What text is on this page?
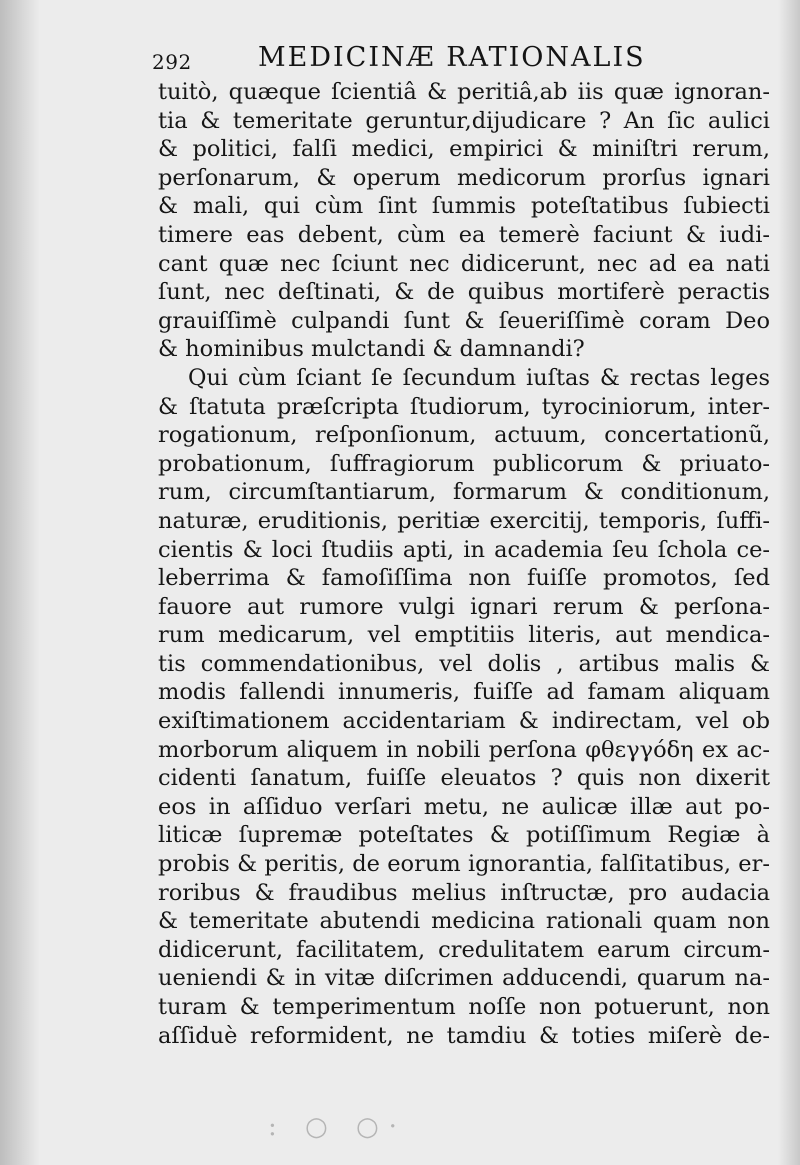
292 MEDICINÆ RATIONALIS
tuitò, quæque ſcientiâ & peritiâ,ab iis quæ ignoran-
tia & temeritate geruntur,dijudicare ? An ſic aulici
& politici, falſi medici, empirici & miniſtri rerum,
perſonarum, & operum medicorum prorſus ignari
& mali, qui cùm ſint ſummis poteſtatibus ſubiecti
timere eas debent, cùm ea temerè faciunt & iudi-
cant quæ nec ſciunt nec didicerunt, nec ad ea nati
ſunt, nec deſtinati, & de quibus mortiferè peractis
grauiſſimè culpandi ſunt & ſeueriſſimè coram Deo
& hominibus mulctandi & damnandi?
Qui cùm ſciant ſe ſecundum iuſtas & rectas leges
& ſtatuta præſcripta ſtudiorum, tyrociniorum, inter-
rogationum, reſponſionum, actuum, concertationũ,
probationum, ſuffragiorum publicorum & priuato-
rum, circumſtantiarum, formarum & conditionum,
naturæ, eruditionis, peritiæ exercitij, temporis, ſuffi-
cientis & loci ſtudiis apti, in academia ſeu ſchola ce-
leberrima & famoſiſſima non fuiſſe promotos, ſed
fauore aut rumore vulgi ignari rerum & perſona-
rum medicarum, vel emptitiis literis, aut mendica-
tis commendationibus, vel dolis , artibus malis &
modis fallendi innumeris, fuiſſe ad famam aliquam
exiſtimationem accidentariam & indirectam, vel ob
morborum aliquem in nobili perſona φθεγγόδη ex ac-
cidenti ſanatum, fuiſſe eleuatos ? quis non dixerit
eos in aſſiduo verſari metu, ne aulicæ illæ aut po-
liticæ ſupremæ poteſtates & potiſſimum Regiæ à
probis & peritis, de eorum ignorantia, falſitatibus, er-
roribus & fraudibus melius inſtructæ, pro audacia
& temeritate abutendi medicina rationali quam non
didicerunt, facilitatem, credulitatem earum circum-
ueniendi & in vitæ diſcrimen adducendi, quarum na-
turam & temperimentum noſſe non potuerunt, non
aſſiduè reformident, ne tamdiu & toties miſerè de-
: ○ ○·
